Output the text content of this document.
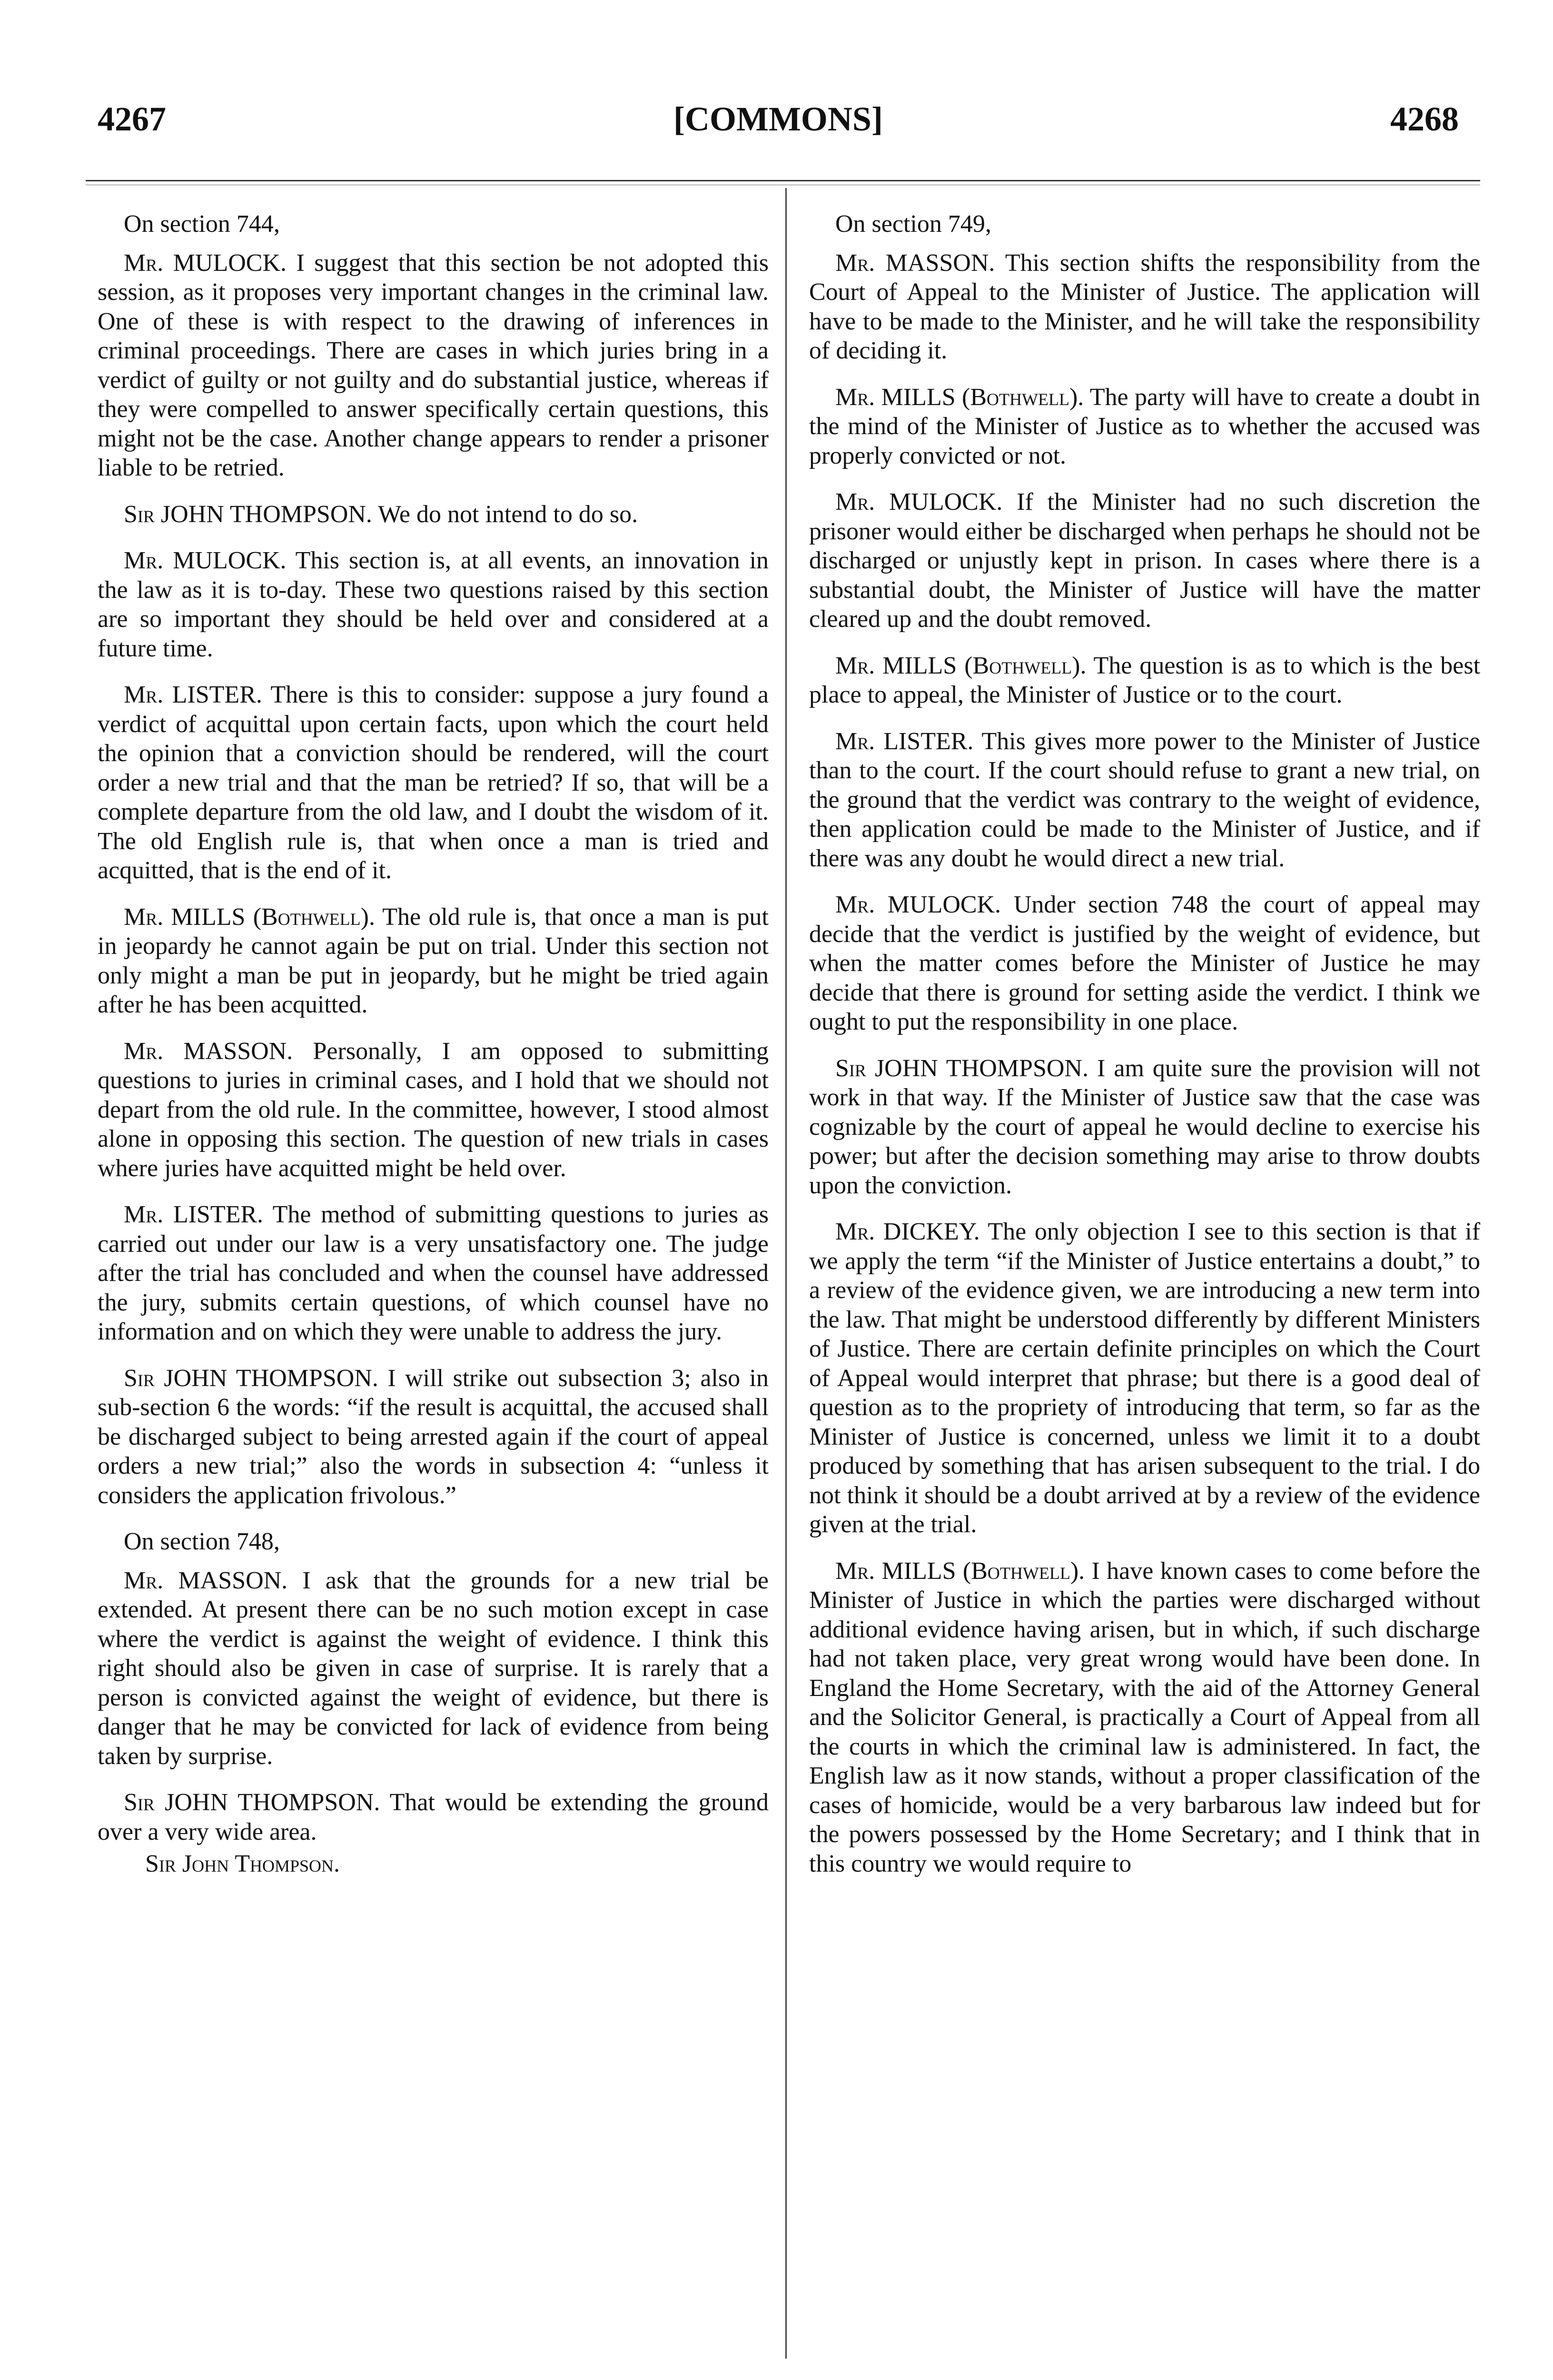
4267	[COMMONS]	4268

On section 744,

Mr. MULOCK. I suggest that this section be not adopted this session, as it proposes very important changes in the criminal law. One of these is with respect to the drawing of inferences in criminal proceedings. There are cases in which juries bring in a verdict of guilty or not guilty and do substantial justice, whereas if they were compelled to answer specifically certain questions, this might not be the case. Another change appears to render a prisoner liable to be retried.

Sir JOHN THOMPSON. We do not intend to do so.

Mr. MULOCK. This section is, at all events, an innovation in the law as it is to-day. These two questions raised by this section are so important they should be held over and considered at a future time.

Mr. LISTER. There is this to consider: suppose a jury found a verdict of acquittal upon certain facts, upon which the court held the opinion that a conviction should be rendered, will the court order a new trial and that the man be retried? If so, that will be a complete departure from the old law, and I doubt the wisdom of it. The old English rule is, that when once a man is tried and acquitted, that is the end of it.

Mr. MILLS (Bothwell). The old rule is, that once a man is put in jeopardy he cannot again be put on trial. Under this section not only might a man be put in jeopardy, but he might be tried again after he has been acquitted.

Mr. MASSON. Personally, I am opposed to submitting questions to juries in criminal cases, and I hold that we should not depart from the old rule. In the committee, however, I stood almost alone in opposing this section. The question of new trials in cases where juries have acquitted might be held over.

Mr. LISTER. The method of submitting questions to juries as carried out under our law is a very unsatisfactory one. The judge after the trial has concluded and when the counsel have addressed the jury, submits certain questions, of which counsel have no information and on which they were unable to address the jury.

Sir JOHN THOMPSON. I will strike out subsection 3; also in sub-section 6 the words: “if the result is acquittal, the accused shall be discharged subject to being arrested again if the court of appeal orders a new trial;” also the words in subsection 4: “unless it considers the application frivolous.”

On section 748,

Mr. MASSON. I ask that the grounds for a new trial be extended. At present there can be no such motion except in case where the verdict is against the weight of evidence. I think this right should also be given in case of surprise. It is rarely that a person is convicted against the weight of evidence, but there is danger that he may be convicted for lack of evidence from being taken by surprise.

Sir JOHN THOMPSON. That would be extending the ground over a very wide area.

Sir John Thompson.

On section 749,

Mr. MASSON. This section shifts the responsibility from the Court of Appeal to the Minister of Justice. The application will have to be made to the Minister, and he will take the responsibility of deciding it.

Mr. MILLS (Bothwell). The party will have to create a doubt in the mind of the Minister of Justice as to whether the accused was properly convicted or not.

Mr. MULOCK. If the Minister had no such discretion the prisoner would either be discharged when perhaps he should not be discharged or unjustly kept in prison. In cases where there is a substantial doubt, the Minister of Justice will have the matter cleared up and the doubt removed.

Mr. MILLS (Bothwell). The question is as to which is the best place to appeal, the Minister of Justice or to the court.

Mr. LISTER. This gives more power to the Minister of Justice than to the court. If the court should refuse to grant a new trial, on the ground that the verdict was contrary to the weight of evidence, then application could be made to the Minister of Justice, and if there was any doubt he would direct a new trial.

Mr. MULOCK. Under section 748 the court of appeal may decide that the verdict is justified by the weight of evidence, but when the matter comes before the Minister of Justice he may decide that there is ground for setting aside the verdict. I think we ought to put the responsibility in one place.

Sir JOHN THOMPSON. I am quite sure the provision will not work in that way. If the Minister of Justice saw that the case was cognizable by the court of appeal he would decline to exercise his power; but after the decision something may arise to throw doubts upon the conviction.

Mr. DICKEY. The only objection I see to this section is that if we apply the term “if the Minister of Justice entertains a doubt,” to a review of the evidence given, we are introducing a new term into the law. That might be understood differently by different Ministers of Justice. There are certain definite principles on which the Court of Appeal would interpret that phrase; but there is a good deal of question as to the propriety of introducing that term, so far as the Minister of Justice is concerned, unless we limit it to a doubt produced by something that has arisen subsequent to the trial. I do not think it should be a doubt arrived at by a review of the evidence given at the trial.

Mr. MILLS (Bothwell). I have known cases to come before the Minister of Justice in which the parties were discharged without additional evidence having arisen, but in which, if such discharge had not taken place, very great wrong would have been done. In England the Home Secretary, with the aid of the Attorney General and the Solicitor General, is practically a Court of Appeal from all the courts in which the criminal law is administered. In fact, the English law as it now stands, without a proper classification of the cases of homicide, would be a very barbarous law indeed but for the powers possessed by the Home Secretary; and I think that in this country we would require to
